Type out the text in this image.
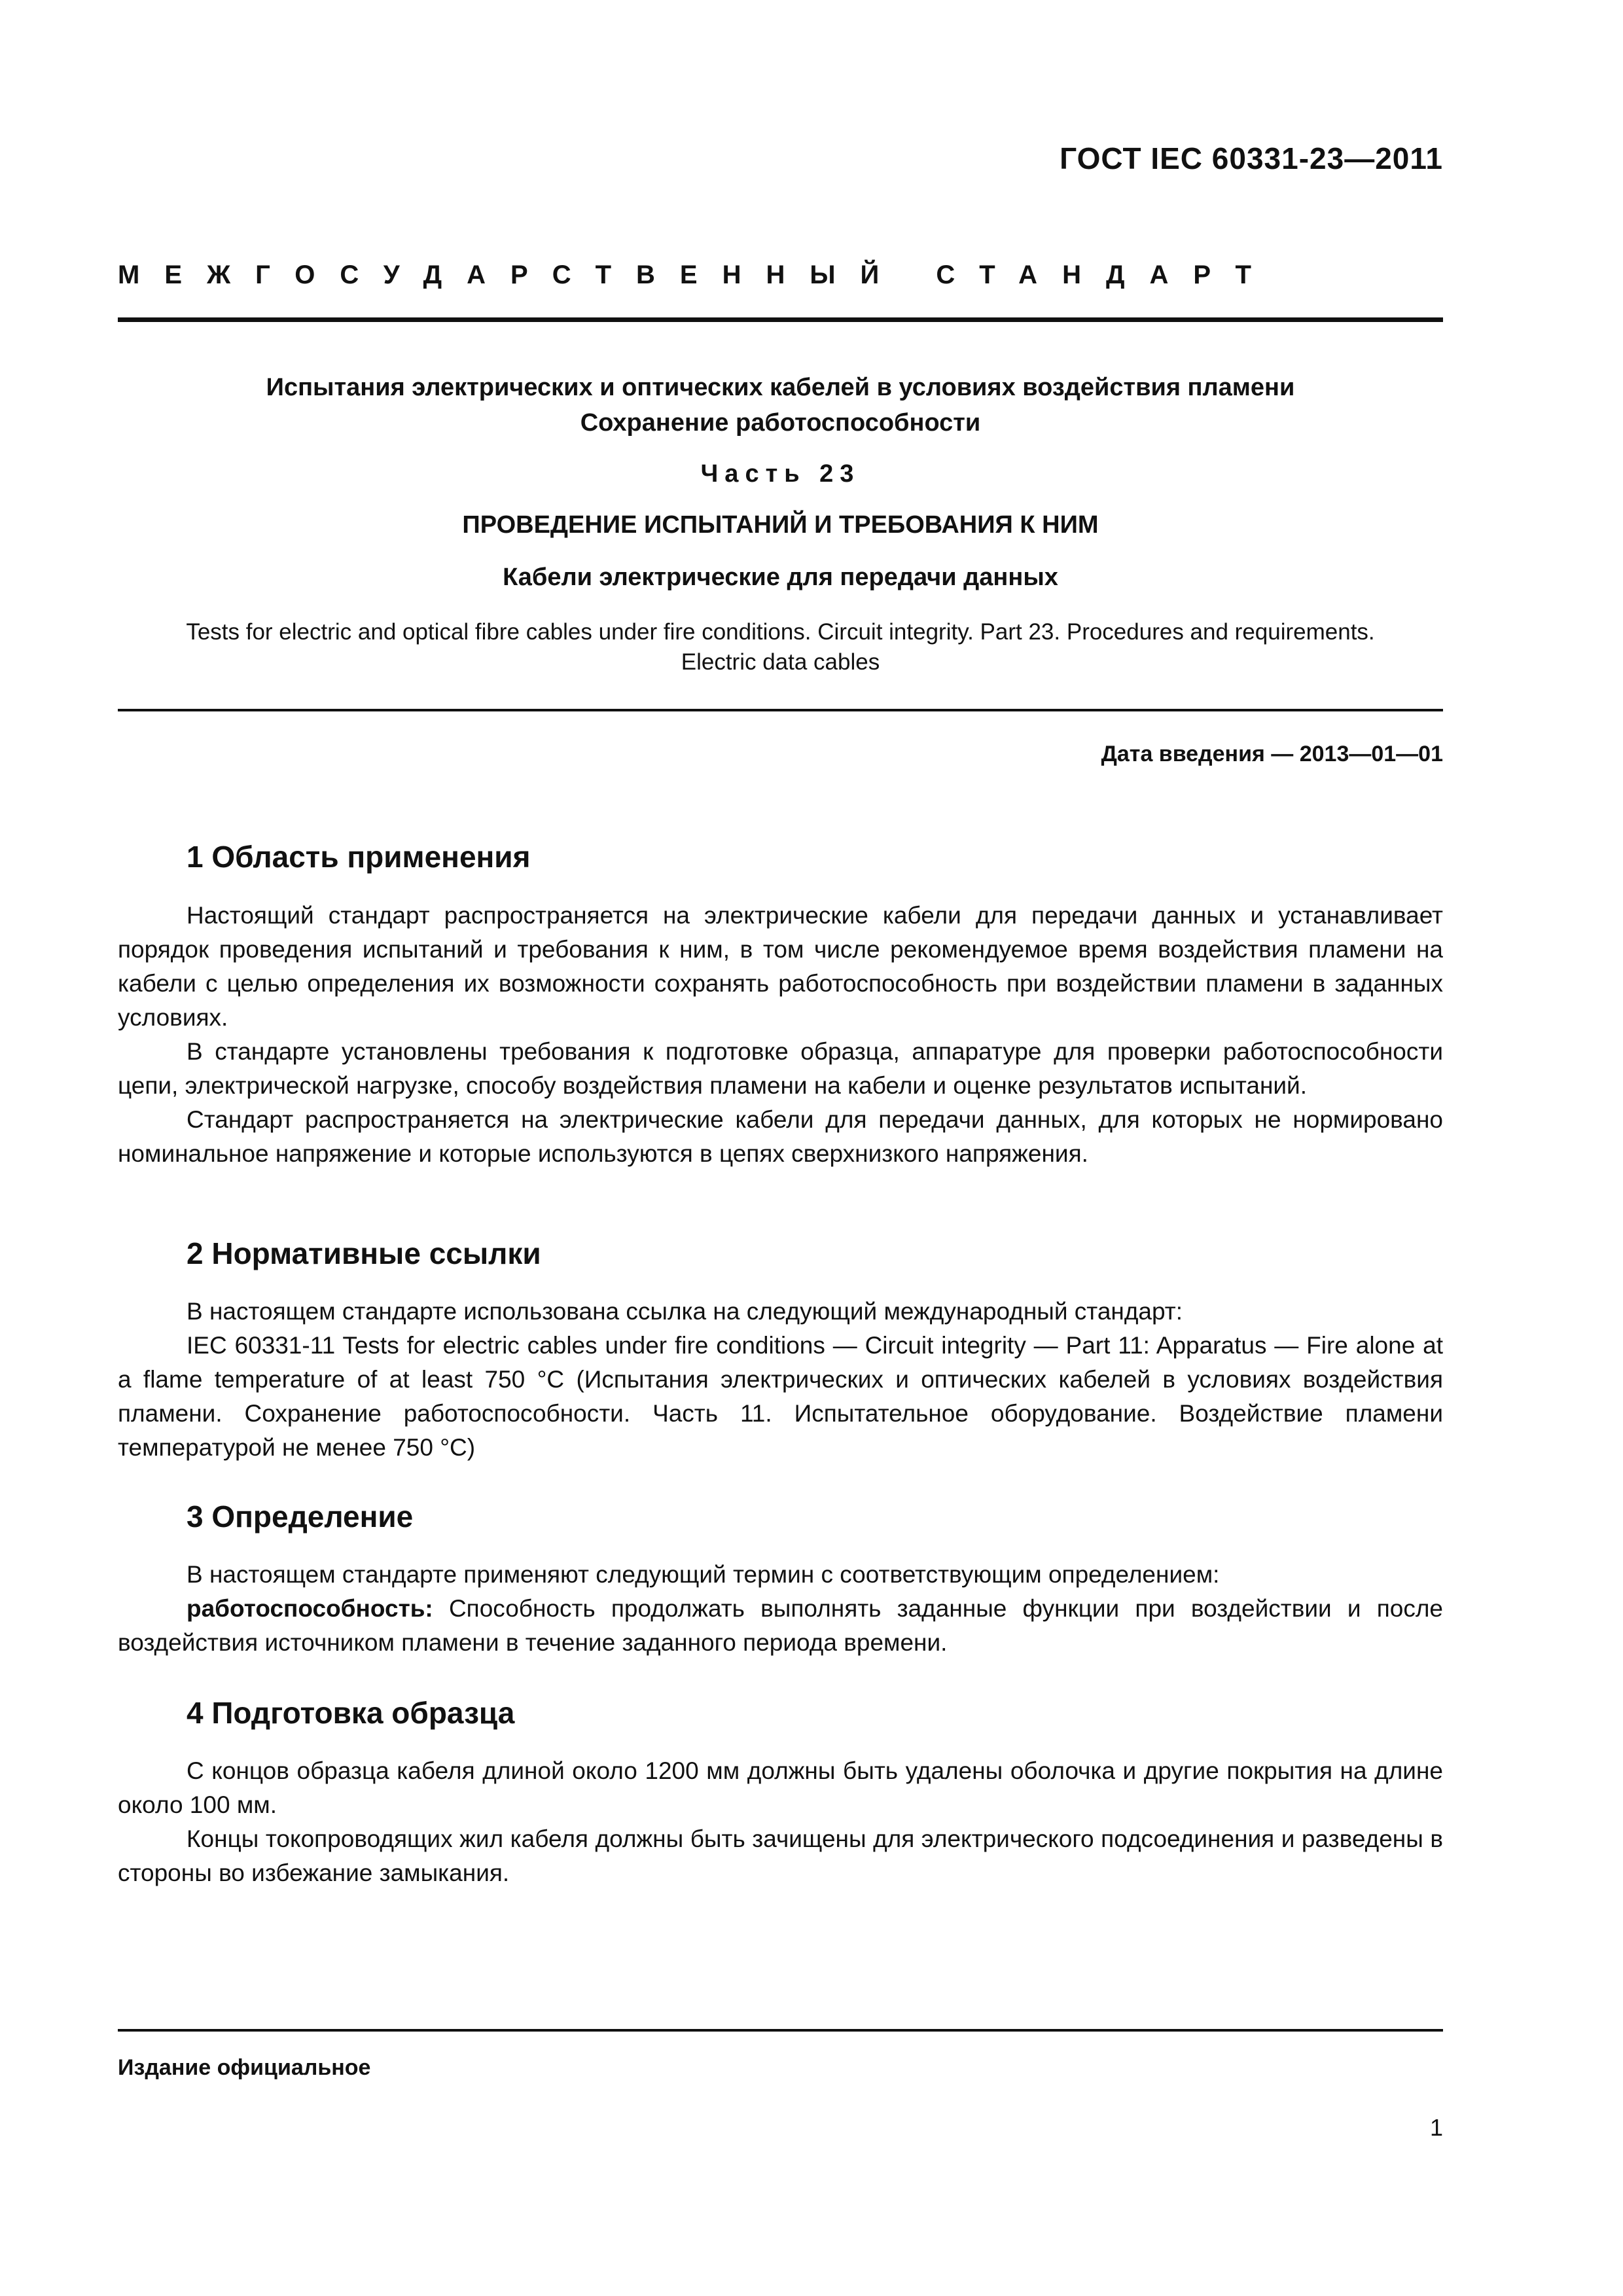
ГОСТ IEC 60331-23—2011
МЕЖГОСУДАРСТВЕННЫЙ СТАНДАРТ
Испытания электрических и оптических кабелей в условиях воздействия пламени
Сохранение работоспособности
Часть 23
ПРОВЕДЕНИЕ ИСПЫТАНИЙ И ТРЕБОВАНИЯ К НИМ
Кабели электрические для передачи данных
Tests for electric and optical fibre cables under fire conditions. Circuit integrity. Part 23. Procedures and requirements.
Electric data cables
Дата введения — 2013—01—01
1 Область применения

Настоящий стандарт распространяется на электрические кабели для передачи данных и устанавливает порядок проведения испытаний и требования к ним, в том числе рекомендуемое время воздействия пламени на кабели с целью определения их возможности сохранять работоспособность при воздействии пламени в заданных условиях.

В стандарте установлены требования к подготовке образца, аппаратуре для проверки работоспособности цепи, электрической нагрузке, способу воздействия пламени на кабели и оценке результатов испытаний.

Стандарт распространяется на электрические кабели для передачи данных, для которых не нормировано номинальное напряжение и которые используются в цепях сверхнизкого напряжения.

2 Нормативные ссылки

В настоящем стандарте использована ссылка на следующий международный стандарт:

IEC 60331-11 Tests for electric cables under fire conditions — Circuit integrity — Part 11: Apparatus — Fire alone at a flame temperature of at least 750 °C (Испытания электрических и оптических кабелей в условиях воздействия пламени. Сохранение работоспособности. Часть 11. Испытательное оборудование. Воздействие пламени температурой не менее 750 °C)

3 Определение

В настоящем стандарте применяют следующий термин с соответствующим определением:

работоспособность: Способность продолжать выполнять заданные функции при воздействии и после воздействия источником пламени в течение заданного периода времени.

4 Подготовка образца

С концов образца кабеля длиной около 1200 мм должны быть удалены оболочка и другие покрытия на длине около 100 мм.

Концы токопроводящих жил кабеля должны быть зачищены для электрического подсоединения и разведены в стороны во избежание замыкания.

Издание официальное
1
